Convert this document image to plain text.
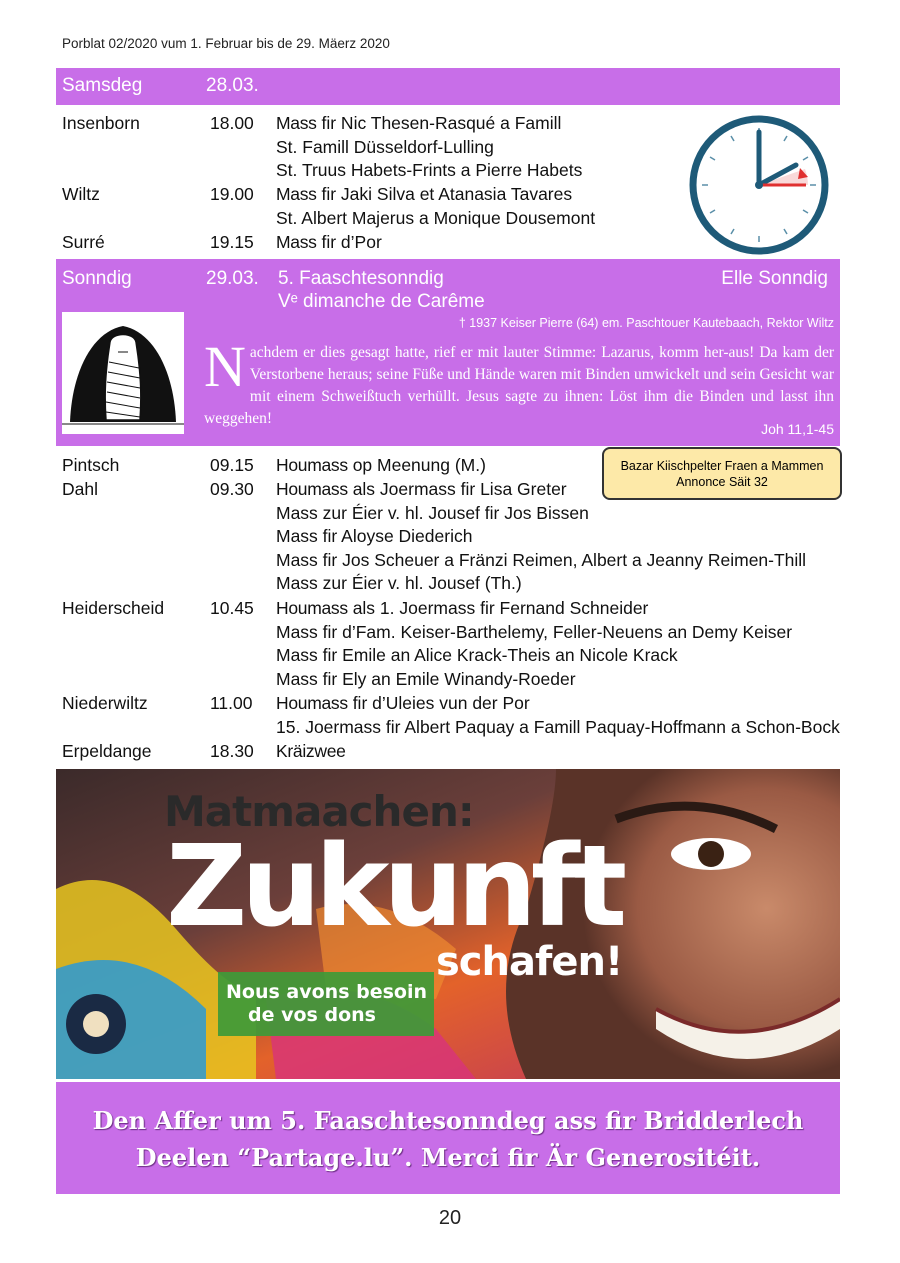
Porblat 02/2020 vum 1. Februar bis de 29. Mäerz 2020
Samsdeg	28.03.
Insenborn	18.00	Mass fir Nic Thesen-Rasqué a Famill
St. Famill Düsseldorf-Lulling
St. Truus Habets-Frints a Pierre Habets
Wiltz	19.00	Mass fir Jaki Silva et Atanasia Tavares
St. Albert Majerus a Monique Dousemont
Surré	19.15	Mass fir d’Por
Sonndig	29.03. 5. Faaschtesonndig
Vᵉ dimanche de Carême
Elle Sonndig
† 1937 Keiser Pierre (64) em. Paschtouer Kautebaach, Rektor Wiltz
Nachdem er dies gesagt hatte, rief er mit lauter Stimme: Lazarus, komm her-aus! Da kam der Verstorbene heraus; seine Füße und Hände waren mit Binden umwickelt und sein Gesicht war mit einem Schweißtuch verhüllt. Jesus sagte zu ihnen: Löst ihm die Binden und lasst ihn weggehen!
Joh 11,1-45
Pintsch	09.15	Houmass op Meenung (M.)
Dahl	09.30	Houmass als Joermass fir Lisa Greter
Mass zur Éier v. hl. Jousef fir Jos Bissen
Mass fir Aloyse Diederich
Mass fir Jos Scheuer a Fränzi Reimen, Albert a Jeanny Reimen-Thill
Mass zur Éier v. hl. Jousef (Th.)
Heiderscheid	10.45	Houmass als 1. Joermass fir Fernand Schneider
Mass fir d’Fam. Keiser-Barthelemy, Feller-Neuens an Demy Keiser
Mass fir Emile an Alice Krack-Theis an Nicole Krack
Mass fir Ely an Emile Winandy-Roeder
Niederwiltz	11.00	Houmass fir d’Uleies vun der Por
15. Joermass fir Albert Paquay a Famill Paquay-Hoffmann a Schon-Bock
Erpeldange	18.30	Kräizwee
Bazar Kiischpelter Fraen a Mammen
Annonce Säit 32
Matmaachen:
Zukunft
schafen!
Nous avons besoin
de vos dons
Den Affer um 5. Faaschtesonndeg ass fir Bridderlech
Deelen “Partage.lu”. Merci fir Är Generositéit.
20
